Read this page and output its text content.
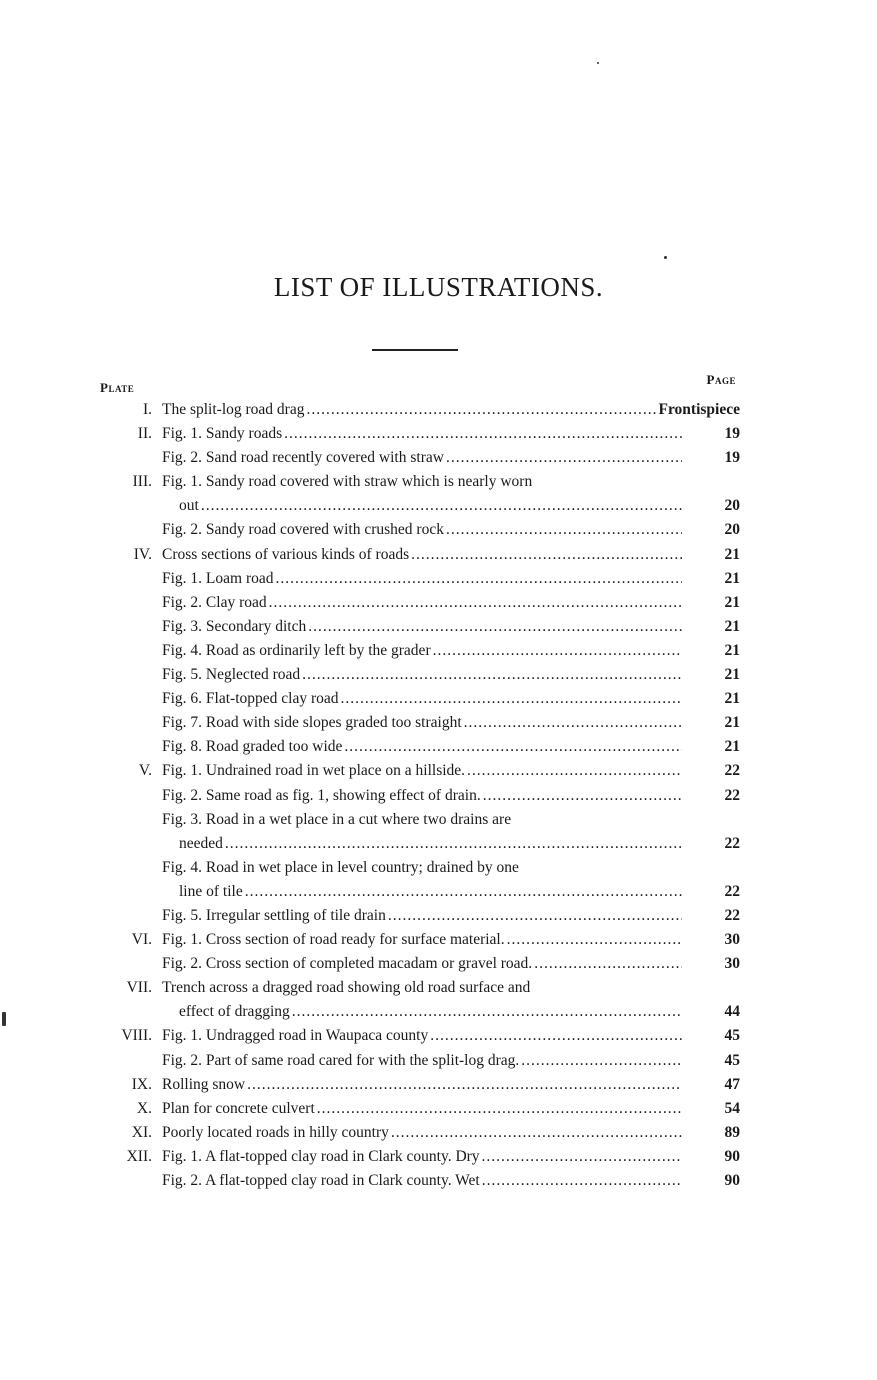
LIST OF ILLUSTRATIONS.
Plate
Page
I. The split-log road drag .....	Frontispiece
II. Fig. 1. Sandy roads .....	19
Fig. 2. Sand road recently covered with straw .....	19
III. Fig. 1. Sandy road covered with straw which is nearly worn
out .....	20
Fig. 2. Sandy road covered with crushed rock .....	20
IV. Cross sections of various kinds of roads .....	21
Fig. 1. Loam road .....	21
Fig. 2. Clay road .....	21
Fig. 3. Secondary ditch .....	21
Fig. 4. Road as ordinarily left by the grader .....	21
Fig. 5. Neglected road .....	21
Fig. 6. Flat-topped clay road .....	21
Fig. 7. Road with side slopes graded too straight .....	21
Fig. 8. Road graded too wide .....	21
V. Fig. 1. Undrained road in wet place on a hillside. .....	22
Fig. 2. Same road as fig. 1, showing effect of drain. .....	22
Fig. 3. Road in a wet place in a cut where two drains are
needed .....	22
Fig. 4. Road in wet place in level country; drained by one
line of tile .....	22
Fig. 5. Irregular settling of tile drain .....	22
VI. Fig. 1. Cross section of road ready for surface material. .....	30
Fig. 2. Cross section of completed macadam or gravel road. .....	30
VII. Trench across a dragged road showing old road surface and
effect of dragging .....	44
VIII. Fig. 1. Undragged road in Waupaca county .....	45
Fig. 2. Part of same road cared for with the split-log drag. .....	45
IX. Rolling snow .....	47
X. Plan for concrete culvert .....	54
XI. Poorly located roads in hilly country .....	89
XII. Fig. 1. A flat-topped clay road in Clark county. Dry .....	90
Fig. 2. A flat-topped clay road in Clark county. Wet .....	90
